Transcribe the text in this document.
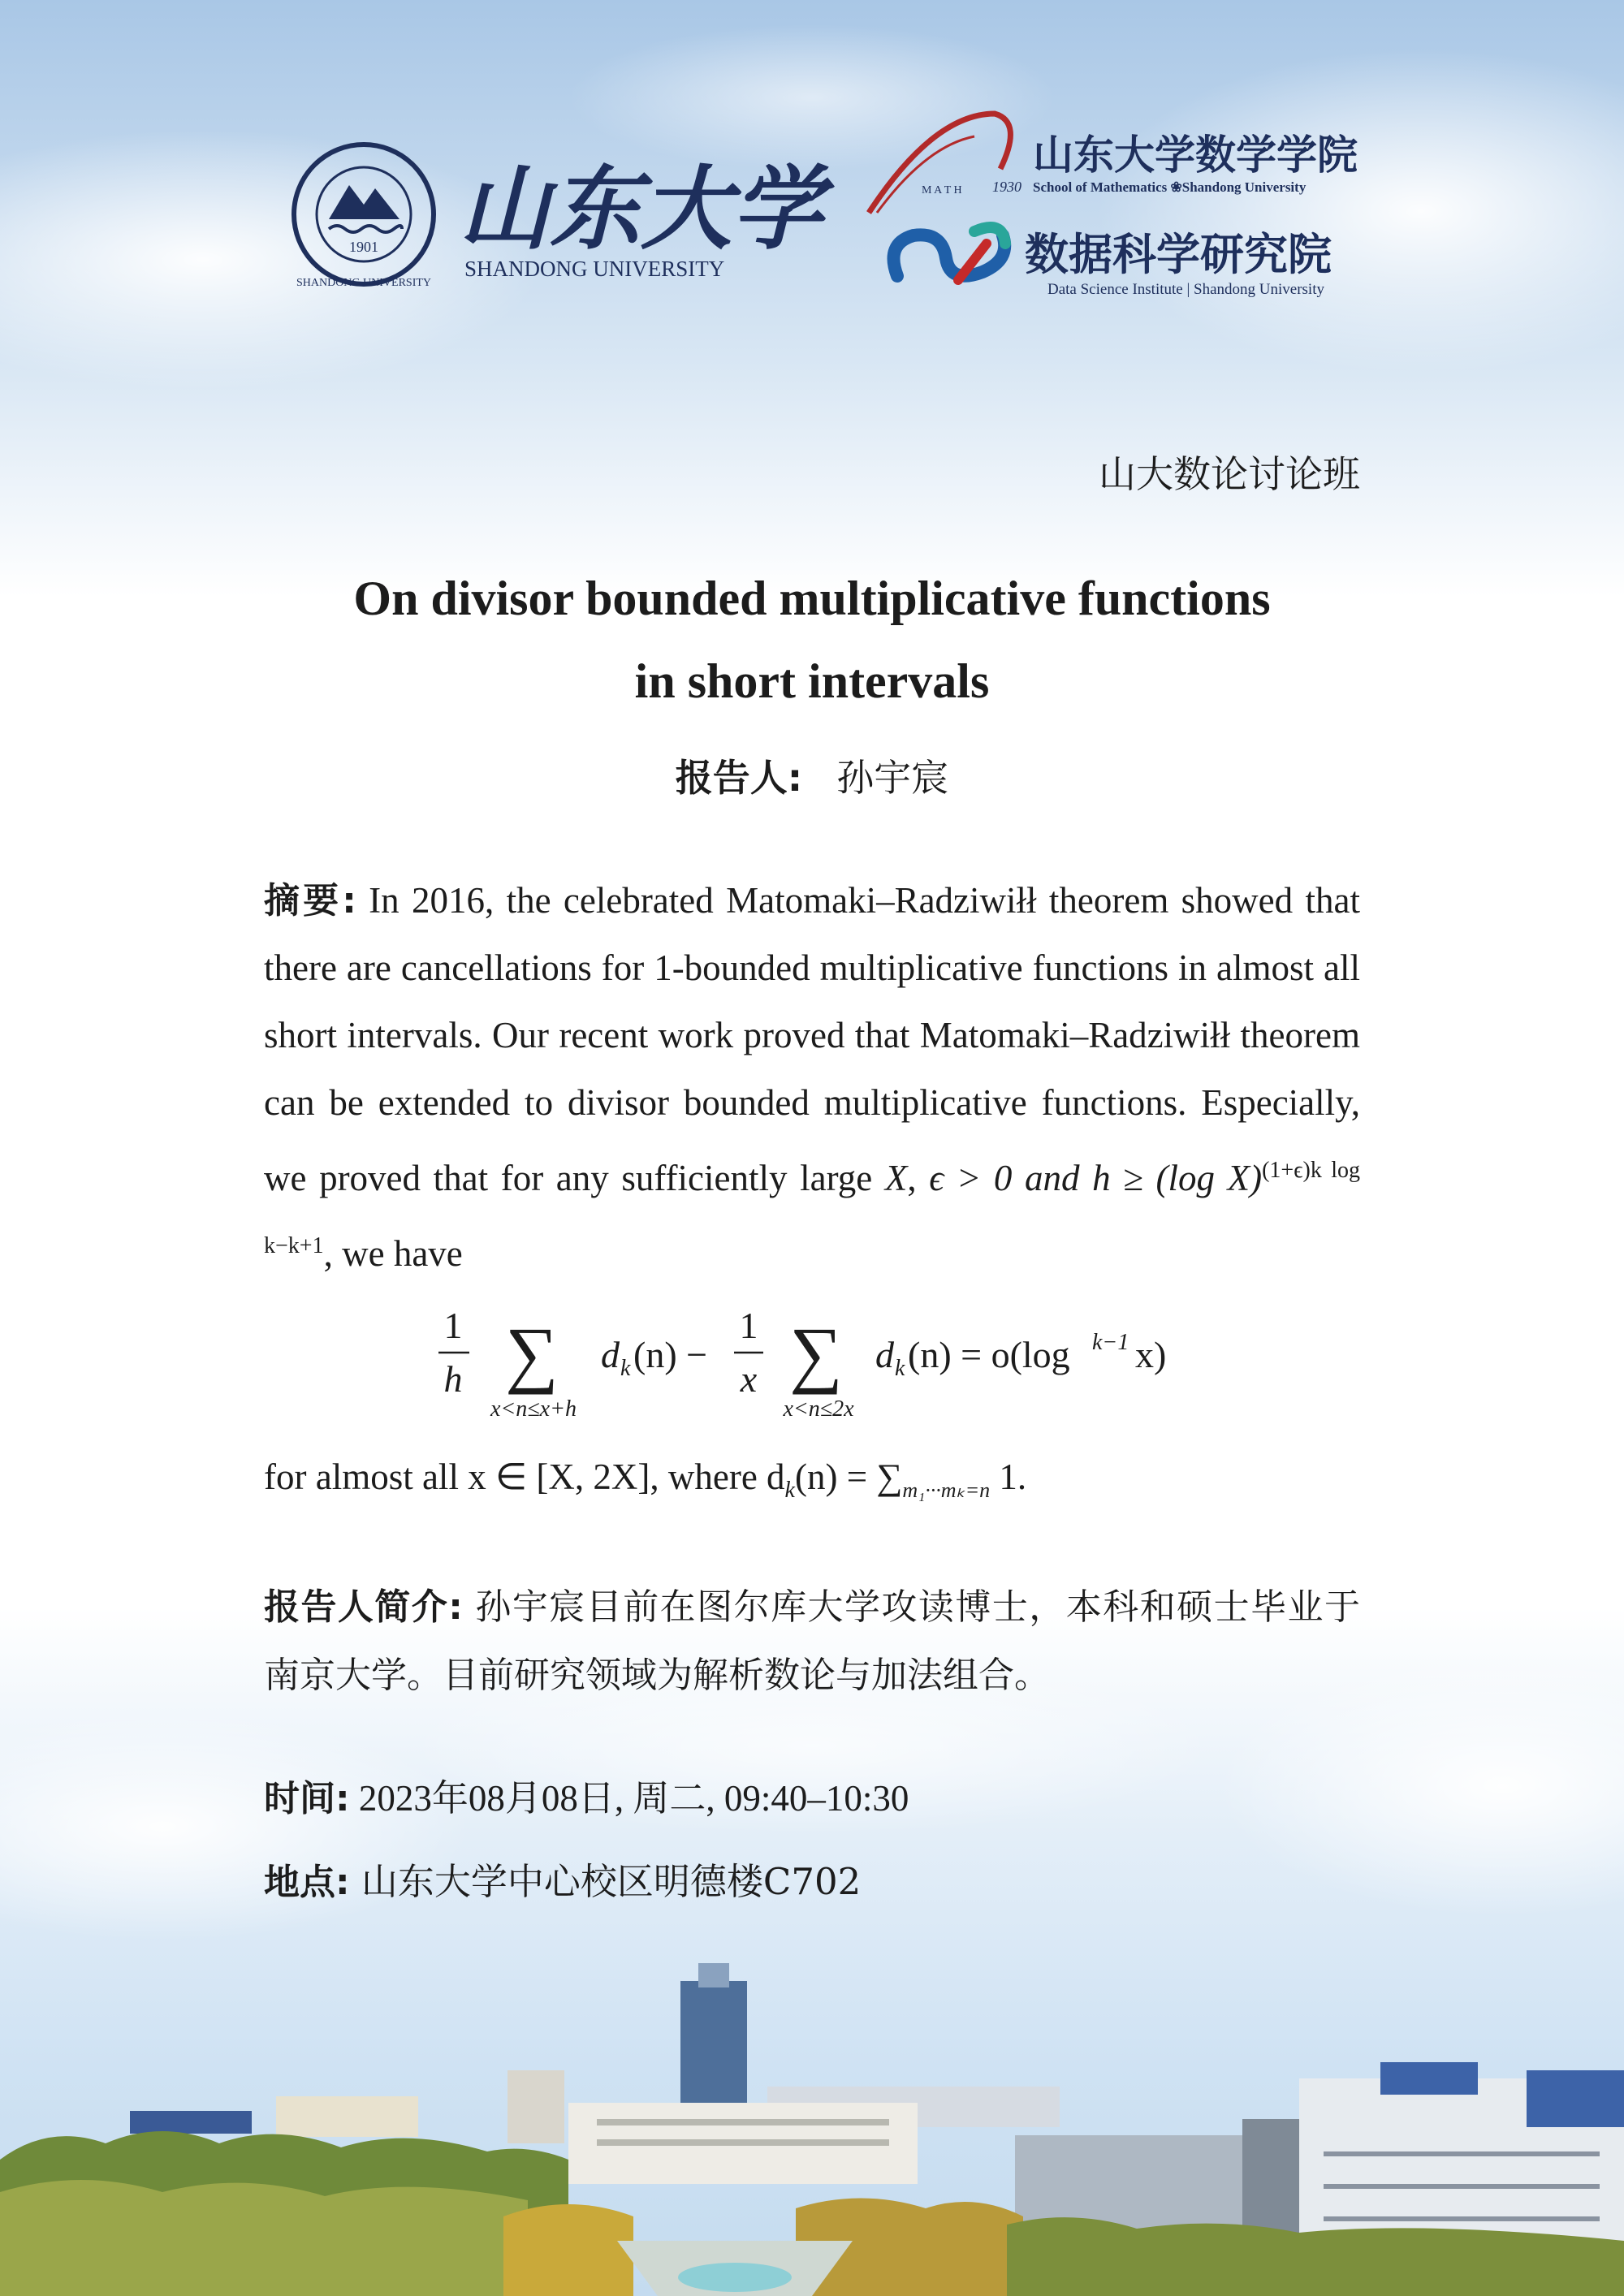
1901
SHANDONG UNIVERSITY
山东大学
SHANDONG UNIVERSITY
M A T H 1930
山东大学数学学院
School of Mathematics ❀Shandong University
数据科学研究院
Data Science Institute | Shandong University
山大数论讨论班
On divisor bounded multiplicative functions
in short intervals
报告人: 孙宇宸
摘要: In 2016, the celebrated Matomaki–Radziwiłł theorem showed that there are cancellations for 1-bounded multiplicative functions in almost all short intervals. Our recent work proved that Matomaki–Radziwiłł theorem can be extended to divisor bounded multiplicative functions. Especially, we proved that for any sufficiently large X, ϵ > 0 and h ≥ (log X)$^{(1+\epsilon)k log k-k+1}$, we have
1
h ∑
x<n≤x+h
d k (n) −
1
x ∑
x<n≤2x
d k (n) = o(log k−1 x)
for almost all x ∈ [X, 2X], where $d_k(n) = \sum_{m_1\cdot\cdot\cdot m_k=n}$ 1.
报告人简介: 孙宇宸目前在图尔库大学攻读博士，本科和硕士毕业于南京大学。目前研究领域为解析数论与加法组合。
时间: 2023年08月08日, 周二, 09:40–10:30
地点: 山东大学中心校区明德楼C702
